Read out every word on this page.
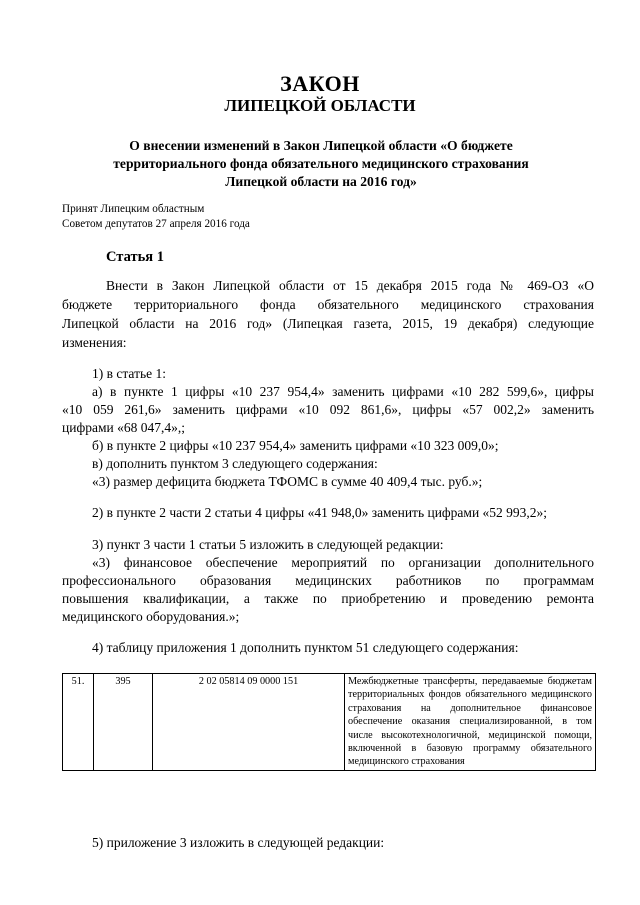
ЗАКОН
ЛИПЕЦКОЙ ОБЛАСТИ
О внесении изменений в Закон Липецкой области «О бюджете территориального фонда обязательного медицинского страхования Липецкой области на 2016 год»
Принят Липецким областным
Советом депутатов 27 апреля 2016 года
Статья 1
Внести в Закон Липецкой области от 15 декабря 2015 года № 469-ОЗ «О
бюджете территориального фонда обязательного медицинского страхования
Липецкой области на 2016 год» (Липецкая газета, 2015, 19 декабря) следующие
изменения:
1) в статье 1:
а) в пункте 1 цифры «10 237 954,4» заменить цифрами «10 282 599,6», цифры
«10 059 261,6» заменить цифрами «10 092 861,6», цифры «57 002,2» заменить
цифрами «68 047,4»,;
б) в пункте 2 цифры «10 237 954,4» заменить цифрами «10 323 009,0»;
в) дополнить пунктом 3 следующего содержания:
«3) размер дефицита бюджета ТФОМС в сумме 40 409,4 тыс. руб.»;
2) в пункте 2 части 2 статьи 4 цифры «41 948,0» заменить цифрами «52 993,2»;
3) пункт 3 части 1 статьи 5 изложить в следующей редакции:
«3) финансовое обеспечение мероприятий по организации дополнительного
профессионального образования медицинских работников по программам
повышения квалификации, а также по приобретению и проведению ремонта
медицинского оборудования.»;
4) таблицу приложения 1 дополнить пунктом 51 следующего содержания:
51.	395	2 02 05814 09 0000 151	Межбюджетные трансферты, передаваемые бюджетам территориальных фондов обязательного медицинского страхования на дополнительное финансовое обеспечение оказания специализированной, в том числе высокотехнологичной, медицинской помощи, включенной в базовую программу обязательного медицинского страхования
5) приложение 3 изложить в следующей редакции:
